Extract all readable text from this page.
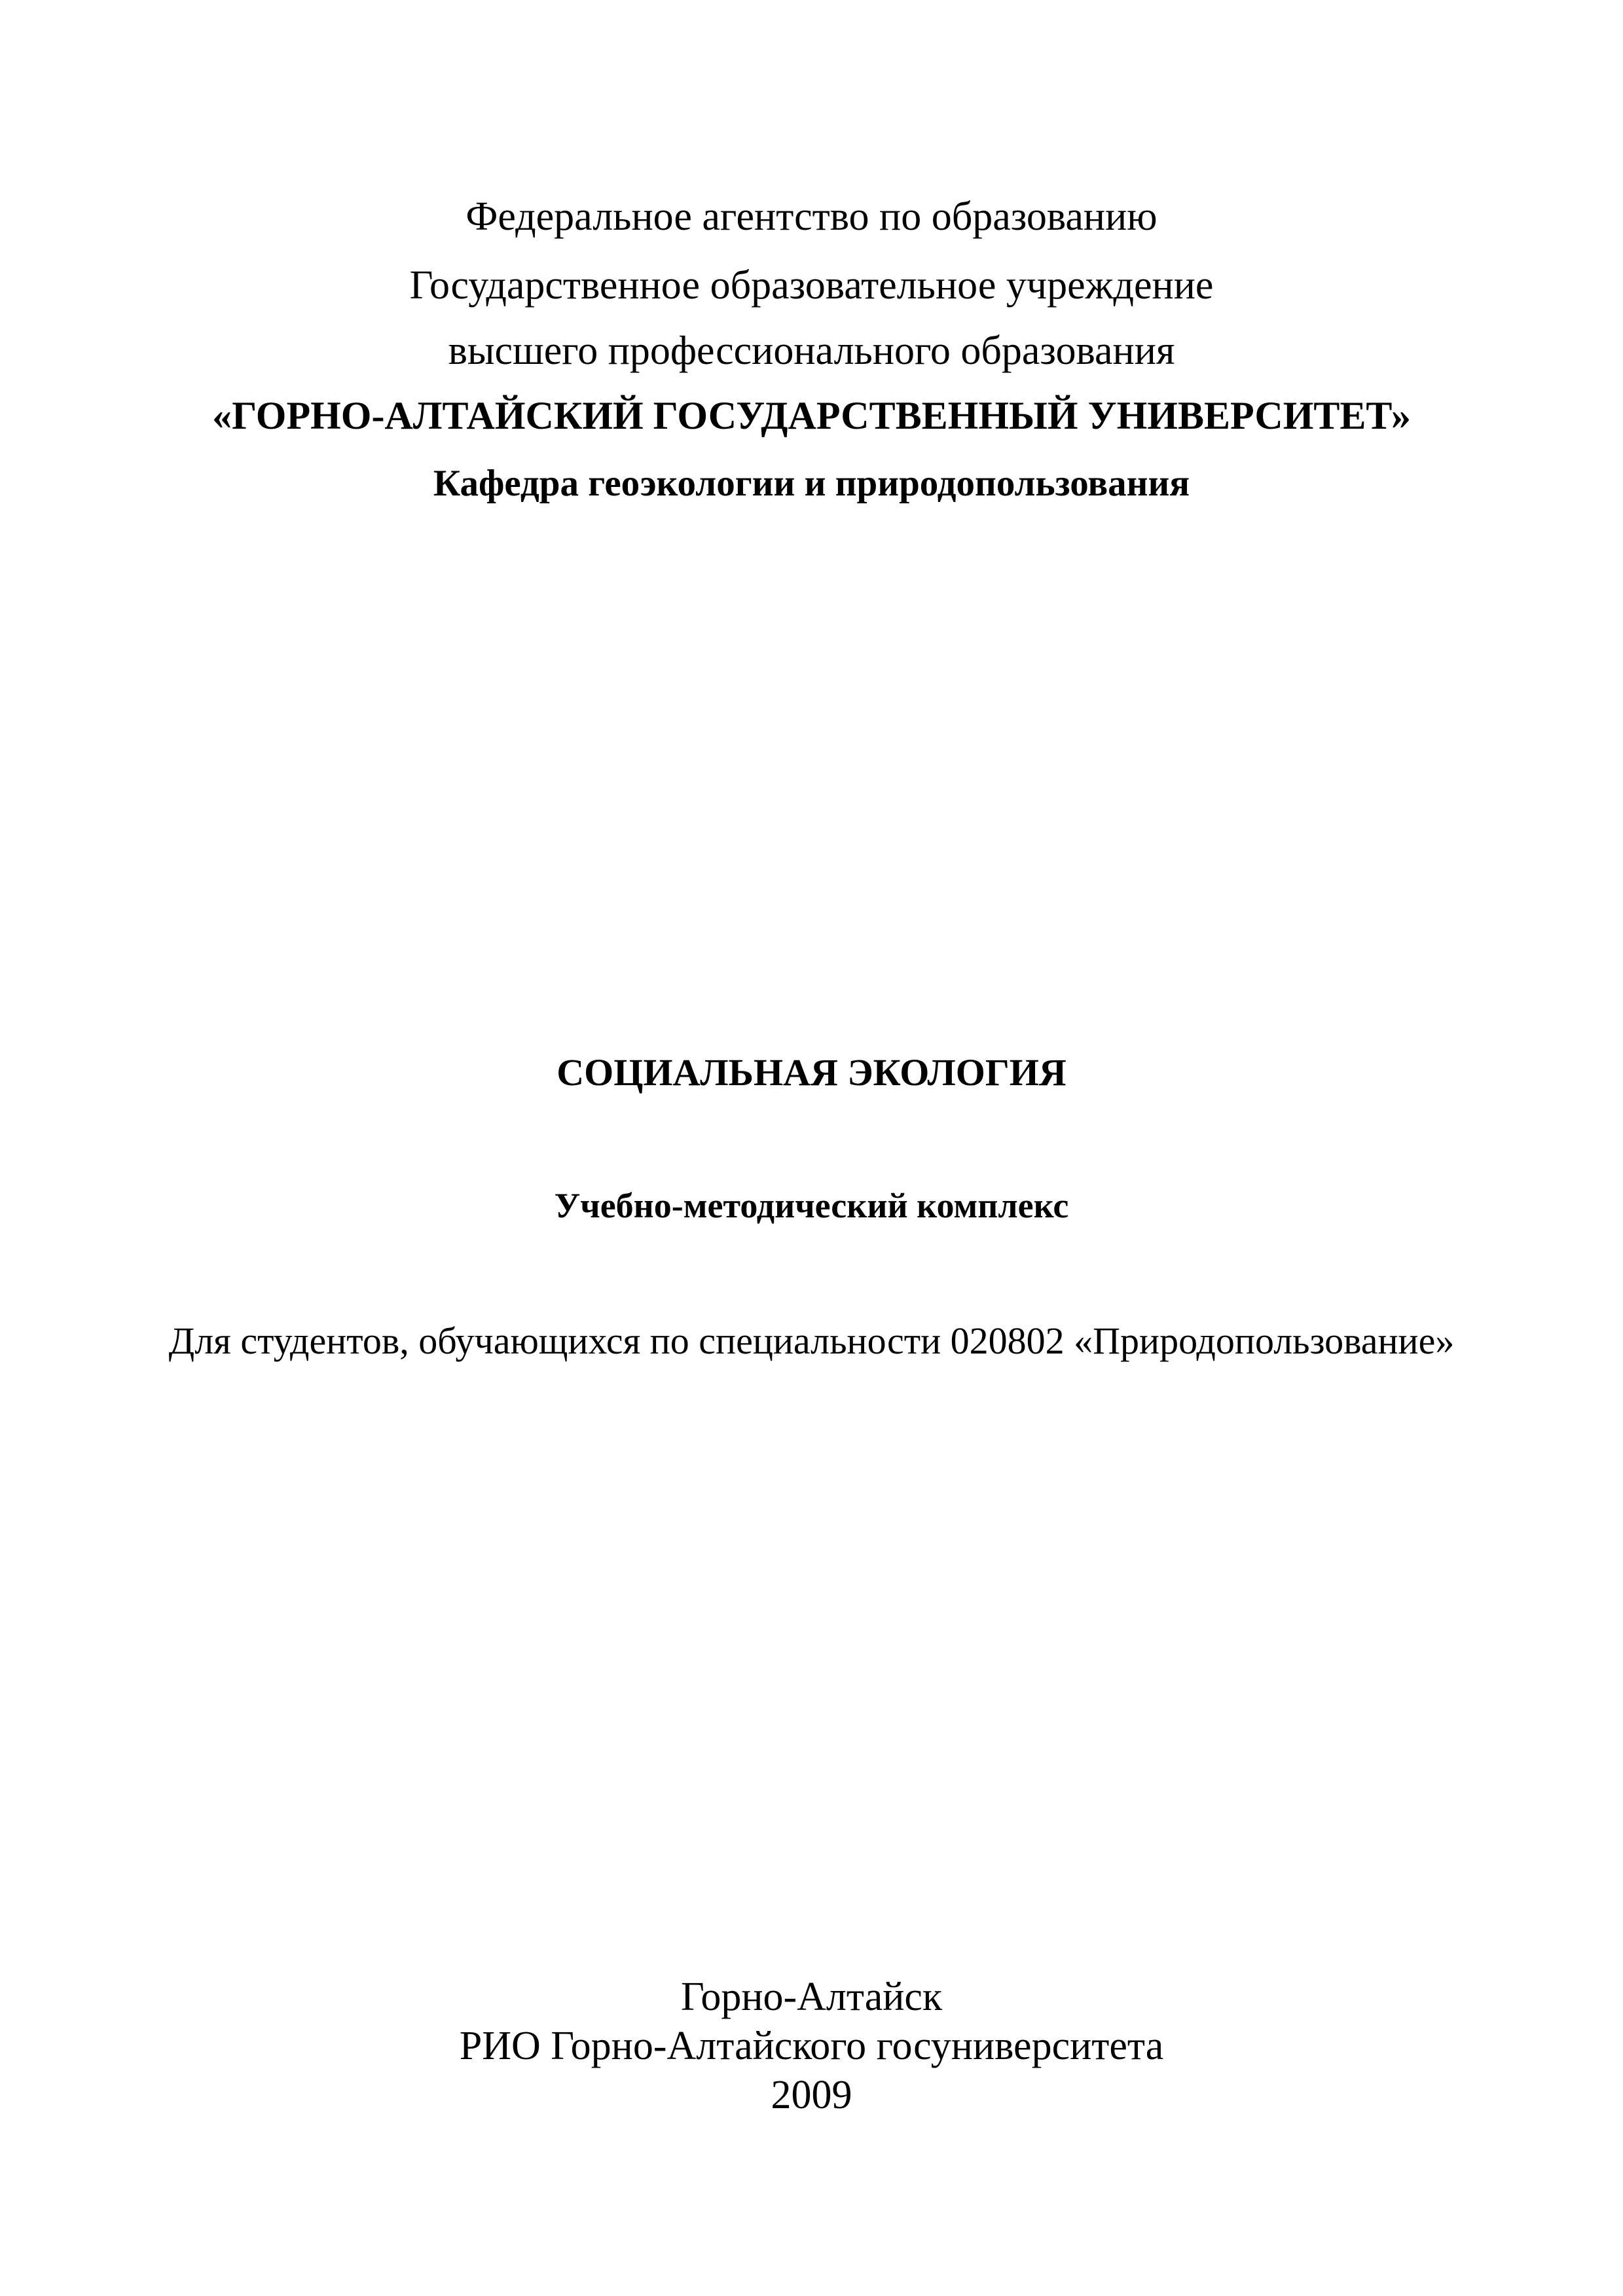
Федеральное агентство по образованию
Государственное образовательное учреждение
высшего профессионального образования
«ГОРНО-АЛТАЙСКИЙ ГОСУДАРСТВЕННЫЙ УНИВЕРСИТЕТ»
Кафедра геоэкологии и природопользования
СОЦИАЛЬНАЯ ЭКОЛОГИЯ
Учебно-методический комплекс
Для студентов, обучающихся по специальности 020802 «Природопользование»
Горно-Алтайск
РИО Горно-Алтайского госуниверситета
2009
